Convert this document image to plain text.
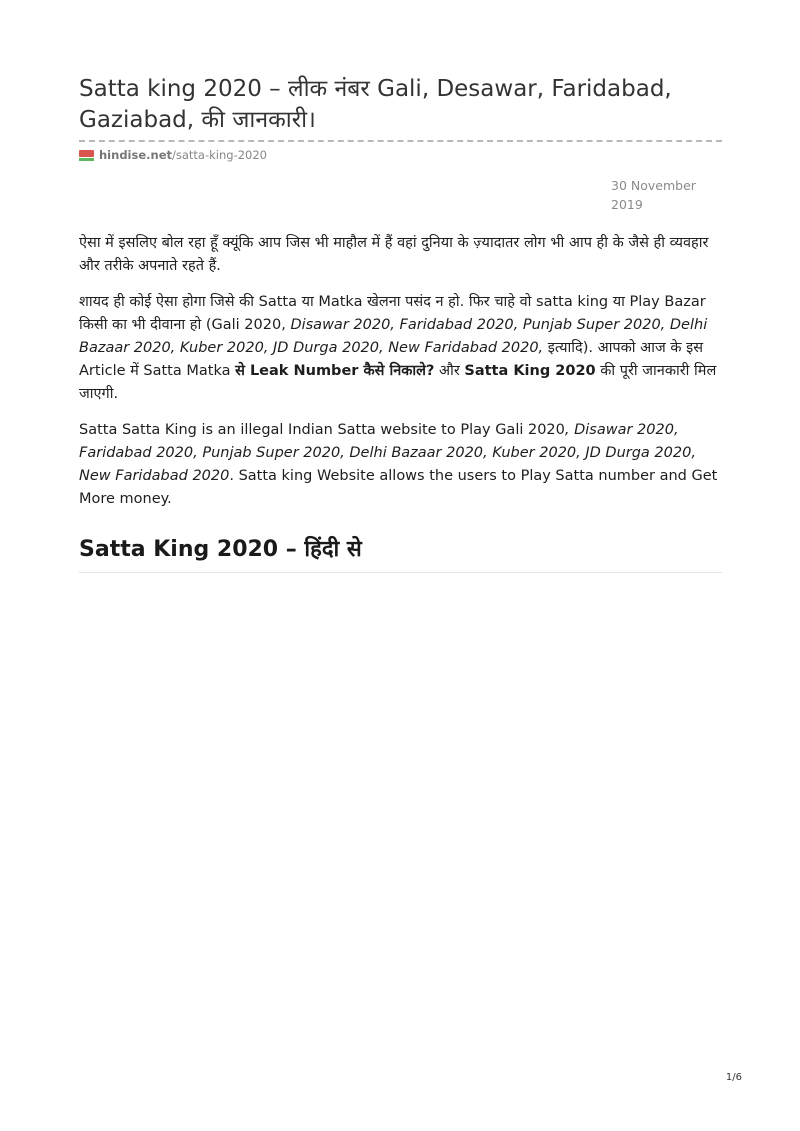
Satta king 2020 – लीक नंबर Gali, Desawar, Faridabad, Gaziabad, की जानकारी।
hindise.net/satta-king-2020
30 November
2019

ऐसा में इसलिए बोल रहा हूँ क्यूंकि आप जिस भी माहौल में हैं वहां दुनिया के ज़्यादातर लोग भी आप ही के जैसे ही व्यवहार और तरीके अपनाते रहते हैं.

शायद ही कोई ऐसा होगा जिसे की Satta या Matka खेलना पसंद न हो. फिर चाहे वो satta king या Play Bazar किसी का भी दीवाना हो (Gali 2020, Disawar 2020, Faridabad 2020, Punjab Super 2020, Delhi Bazaar 2020, Kuber 2020, JD Durga 2020, New Faridabad 2020, इत्यादि). आपको आज के इस Article में Satta Matka से Leak Number कैसे निकाले? और Satta King 2020 की पूरी जानकारी मिल जाएगी.

Satta Satta King is an illegal Indian Satta website to Play Gali 2020, Disawar 2020, Faridabad 2020, Punjab Super 2020, Delhi Bazaar 2020, Kuber 2020, JD Durga 2020, New Faridabad 2020. Satta king Website allows the users to Play Satta number and Get More money.

Satta King 2020 – हिंदी से
1/6
